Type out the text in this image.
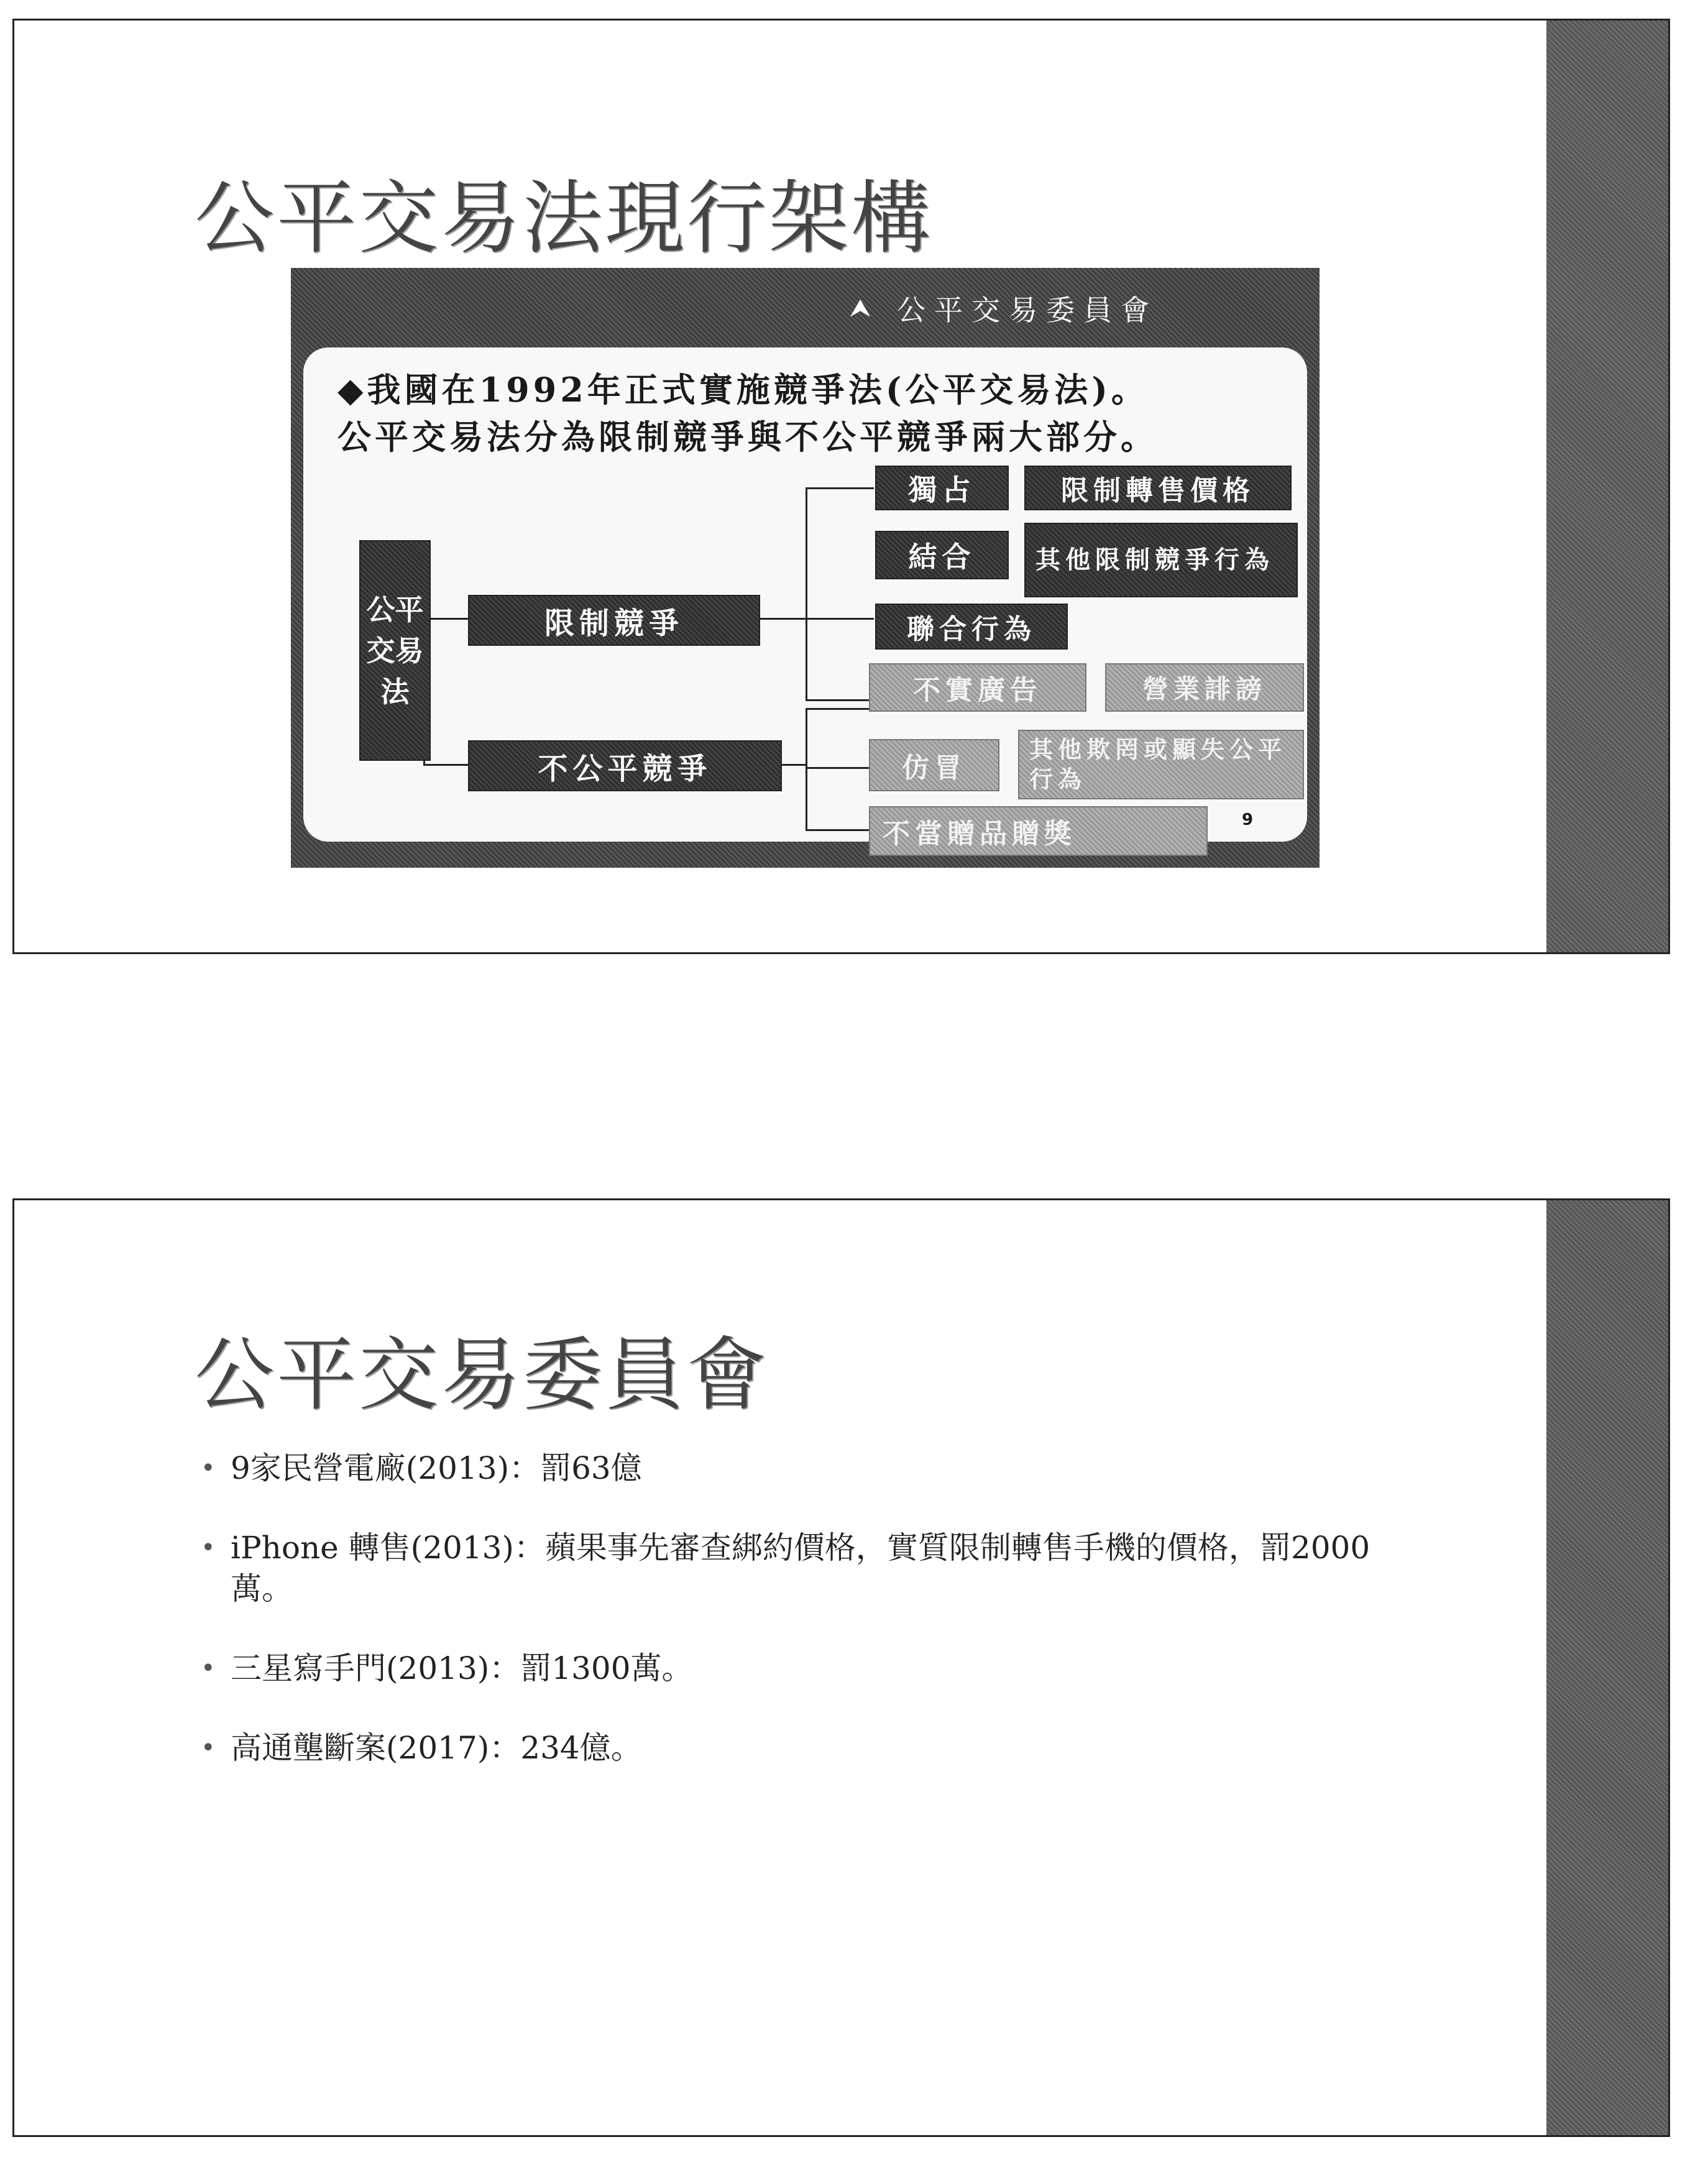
公平交易法現行架構
⮝ 公平交易委員會
◆我國在1992年正式實施競爭法(公平交易法)。公平交易法分為限制競爭與不公平競爭兩大部分。
公平交易法
限制競爭
不公平競爭
獨占	限制轉售價格
結合	其他限制競爭行為
聯合行為
不實廣告	營業誹謗
仿冒
其他欺罔或顯失公平行為
不當贈品贈獎	9
公平交易委員會
• 9家民營電廠(2013)：罰63億
• iPhone 轉售(2013)：蘋果事先審查綁約價格，實質限制轉售手機的價格，罰2000萬。
• 三星寫手門(2013)：罰1300萬。
• 高通壟斷案(2017)：234億。
